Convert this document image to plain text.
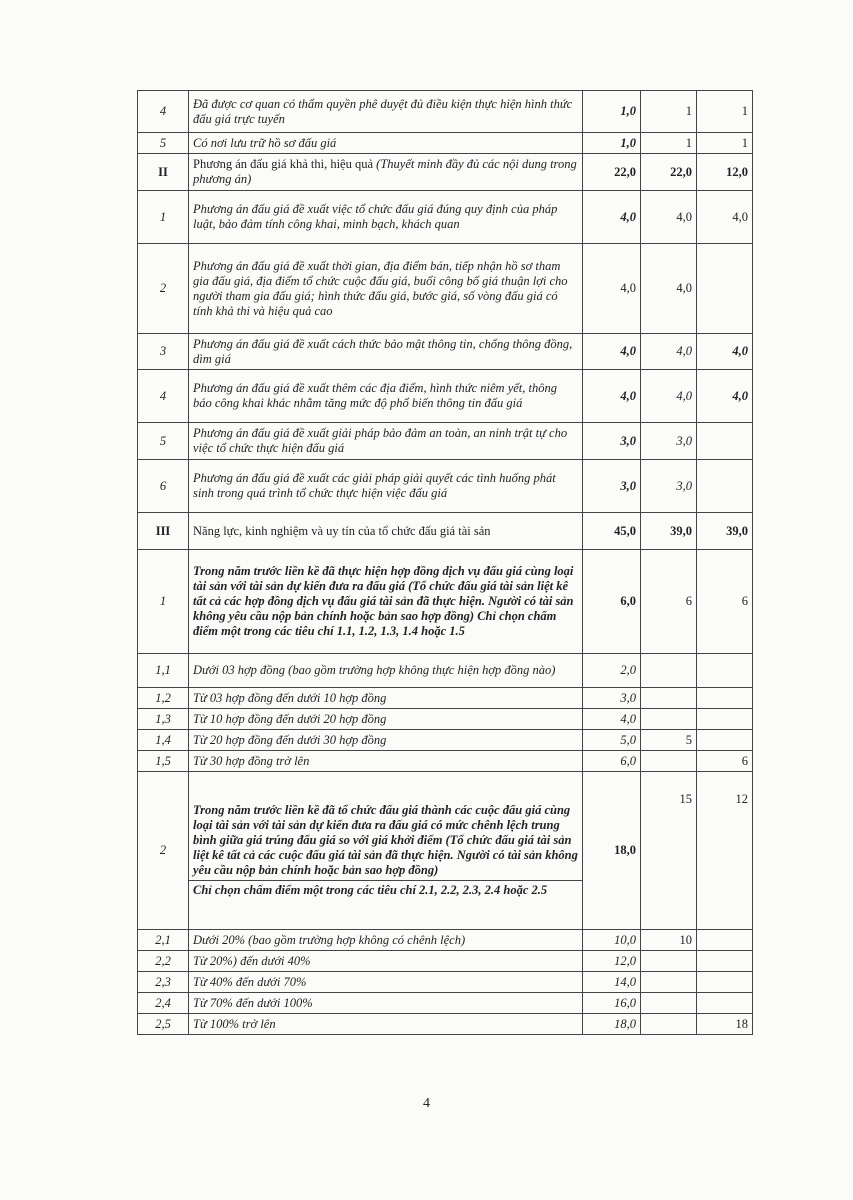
4	Đã được cơ quan có thẩm quyền phê duyệt đủ điều kiện thực hiện hình thức đấu giá trực tuyến	1,0	1	1
5	Có nơi lưu trữ hồ sơ đấu giá	1,0	1	1
II	Phương án đấu giá khả thi, hiệu quả (Thuyết minh đầy đủ các nội dung trong phương án)	22,0	22,0	12,0
1	Phương án đấu giá đề xuất việc tổ chức đấu giá đúng quy định của pháp luật, bảo đảm tính công khai, minh bạch, khách quan	4,0	4,0	4,0
2	Phương án đấu giá đề xuất thời gian, địa điểm bán, tiếp nhận hồ sơ tham gia đấu giá, địa điểm tổ chức cuộc đấu giá, buổi công bố giá thuận lợi cho người tham gia đấu giá; hình thức đấu giá, bước giá, số vòng đấu giá có tính khả thi và hiệu quả cao	4,0	4,0	
3	Phương án đấu giá đề xuất cách thức bảo mật thông tin, chống thông đồng, dìm giá	4,0	4,0	4,0
4	Phương án đấu giá đề xuất thêm các địa điểm, hình thức niêm yết, thông báo công khai khác nhằm tăng mức độ phổ biến thông tin đấu giá	4,0	4,0	4,0
5	Phương án đấu giá đề xuất giải pháp bảo đảm an toàn, an ninh trật tự cho việc tổ chức thực hiện đấu giá	3,0	3,0	
6	Phương án đấu giá đề xuất các giải pháp giải quyết các tình huống phát sinh trong quá trình tổ chức thực hiện việc đấu giá	3,0	3,0	
III	Năng lực, kinh nghiệm và uy tín của tổ chức đấu giá tài sản	45,0	39,0	39,0
1	Trong năm trước liền kề đã thực hiện hợp đồng dịch vụ đấu giá cùng loại tài sản với tài sản dự kiến đưa ra đấu giá (Tổ chức đấu giá tài sản liệt kê tất cả các hợp đồng dịch vụ đấu giá tài sản đã thực hiện. Người có tài sản không yêu cầu nộp bản chính hoặc bản sao hợp đồng) Chỉ chọn chấm điểm một trong các tiêu chí 1.1, 1.2, 1.3, 1.4 hoặc 1.5	6,0	6	6
1,1	Dưới 03 hợp đồng (bao gồm trường hợp không thực hiện hợp đồng nào)	2,0		
1,2	Từ 03 hợp đồng đến dưới 10 hợp đồng	3,0		
1,3	Từ 10 hợp đồng đến dưới 20 hợp đồng	4,0		
1,4	Từ 20 hợp đồng đến dưới 30 hợp đồng	5,0	5	
1,5	Từ 30 hợp đồng trở lên	6,0		6
2	Trong năm trước liền kề đã tổ chức đấu giá thành các cuộc đấu giá cùng loại tài sản với tài sản dự kiến đưa ra đấu giá có mức chênh lệch trung bình giữa giá trúng đấu giá so với giá khởi điểm (Tổ chức đấu giá tài sản liệt kê tất cả các cuộc đấu giá tài sản đã thực hiện. Người có tài sản không yêu cầu nộp bản chính hoặc bản sao hợp đồng)
Chỉ chọn chấm điểm một trong các tiêu chí 2.1, 2.2, 2.3, 2.4 hoặc 2.5	18,0	15	12
2,1	Dưới 20% (bao gồm trường hợp không có chênh lệch)	10,0	10	
2,2	Từ 20%) đến dưới 40%	12,0		
2,3	Từ 40% đến dưới 70%	14,0		
2,4	Từ 70% đến dưới 100%	16,0		
2,5	Từ 100% trở lên	18,0		18
4
